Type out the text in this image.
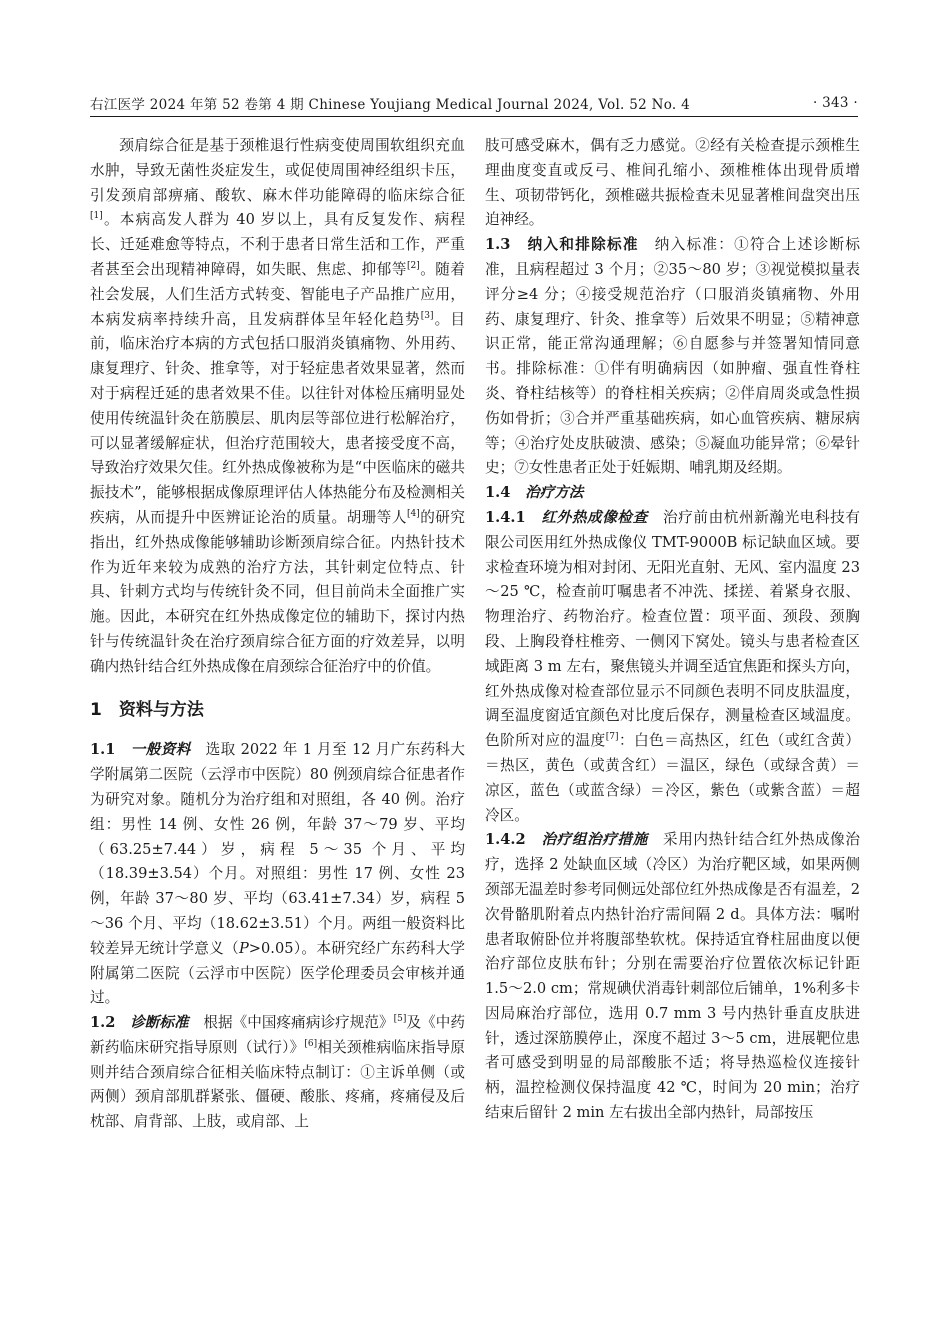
右江医学 2024 年第 52 卷第 4 期 Chinese Youjiang Medical Journal 2024, Vol. 52 No. 4	· 343 ·

颈肩综合征是基于颈椎退行性病变使周围软组织充血水肿，导致无菌性炎症发生，或促使周围神经组织卡压，引发颈肩部痹痛、酸软、麻木伴功能障碍的临床综合征[1]。本病高发人群为 40 岁以上，具有反复发作、病程长、迁延难愈等特点，不利于患者日常生活和工作，严重者甚至会出现精神障碍，如失眠、焦虑、抑郁等[2]。随着社会发展，人们生活方式转变、智能电子产品推广应用，本病发病率持续升高，且发病群体呈年轻化趋势[3]。目前，临床治疗本病的方式包括口服消炎镇痛物、外用药、康复理疗、针灸、推拿等，对于轻症患者效果显著，然而对于病程迁延的患者效果不佳。以往针对体检压痛明显处使用传统温针灸在筋膜层、肌肉层等部位进行松解治疗，可以显著缓解症状，但治疗范围较大，患者接受度不高，导致治疗效果欠佳。红外热成像被称为是“中医临床的磁共振技术”，能够根据成像原理评估人体热能分布及检测相关疾病，从而提升中医辨证论治的质量。胡珊等人[4]的研究指出，红外热成像能够辅助诊断颈肩综合征。内热针技术作为近年来较为成熟的治疗方法，其针刺定位特点、针具、针刺方式均与传统针灸不同，但目前尚未全面推广实施。因此，本研究在红外热成像定位的辅助下，探讨内热针与传统温针灸在治疗颈肩综合征方面的疗效差异，以明确内热针结合红外热成像在肩颈综合征治疗中的价值。

1　资料与方法

1.1　 一般资料　 选取 2022 年 1 月至 12 月广东药科大学附属第二医院（云浮市中医院）80 例颈肩综合征患者作为研究对象。随机分为治疗组和对照组，各 40 例。治疗组：男性 14 例、女性 26 例，年龄 37～79 岁、平均（63.25±7.44）岁，病程 5～35 个月、平均（18.39±3.54）个月。对照组：男性 17 例、女性 23 例，年龄 37～80 岁、平均（63.41±7.34）岁，病程 5～36 个月、平均（18.62±3.51）个月。两组一般资料比较差异无统计学意义（P>0.05）。本研究经广东药科大学附属第二医院（云浮市中医院）医学伦理委员会审核并通过。

1.2　 诊断标准　 根据《中国疼痛病诊疗规范》[5]及《中药新药临床研究指导原则（试行）》[6]相关颈椎病临床指导原则并结合颈肩综合征相关临床特点制订：①主诉单侧（或两侧）颈肩部肌群紧张、僵硬、酸胀、疼痛，疼痛侵及后枕部、肩背部、上肢，或肩部、上

肢可感受麻木，偶有乏力感觉。②经有关检查提示颈椎生理曲度变直或反弓、椎间孔缩小、颈椎椎体出现骨质增生、项韧带钙化，颈椎磁共振检查未见显著椎间盘突出压迫神经。

1.3　 纳入和排除标准　 纳入标准：①符合上述诊断标准，且病程超过 3 个月；②35～80 岁；③视觉模拟量表评分≥4 分；④接受规范治疗（口服消炎镇痛物、外用药、康复理疗、针灸、推拿等）后效果不明显；⑤精神意识正常，能正常沟通理解；⑥自愿参与并签署知情同意书。排除标准：①伴有明确病因（如肿瘤、强直性脊柱炎、脊柱结核等）的脊柱相关疾病；②伴肩周炎或急性损伤如骨折；③合并严重基础疾病，如心血管疾病、糖尿病等；④治疗处皮肤破溃、感染；⑤凝血功能异常；⑥晕针史；⑦女性患者正处于妊娠期、哺乳期及经期。

1.4　 治疗方法

1.4.1　 红外热成像检查　 治疗前由杭州新瀚光电科技有限公司医用红外热成像仪 TMT-9000B 标记缺血区域。要求检查环境为相对封闭、无阳光直射、无风、室内温度 23～25 ℃，检查前叮嘱患者不冲洗、揉搓、着紧身衣服、物理治疗、药物治疗。检查位置：项平面、颈段、颈胸段、上胸段脊柱椎旁、一侧冈下窝处。镜头与患者检查区域距离 3 m 左右，聚焦镜头并调至适宜焦距和探头方向，红外热成像对检查部位显示不同颜色表明不同皮肤温度，调至温度窗适宜颜色对比度后保存，测量检查区域温度。色阶所对应的温度[7]：白色＝高热区，红色（或红含黄）＝热区，黄色（或黄含红）＝温区，绿色（或绿含黄）＝凉区，蓝色（或蓝含绿）＝冷区，紫色（或紫含蓝）＝超冷区。

1.4.2　 治疗组治疗措施　 采用内热针结合红外热成像治疗，选择 2 处缺血区域（冷区）为治疗靶区域，如果两侧颈部无温差时参考同侧远处部位红外热成像是否有温差，2 次骨骼肌附着点内热针治疗需间隔 2 d。具体方法：嘱咐患者取俯卧位并将腹部垫软枕。保持适宜脊柱屈曲度以便治疗部位皮肤布针；分别在需要治疗位置依次标记针距 1.5～2.0 cm；常规碘伏消毒针刺部位后铺单，1%利多卡因局麻治疗部位，选用 0.7 mm 3 号内热针垂直皮肤进针，透过深筋膜停止，深度不超过 3～5 cm，进展靶位患者可感受到明显的局部酸胀不适；将导热巡检仪连接针柄，温控检测仪保持温度 42 ℃，时间为 20 min；治疗结束后留针 2 min 左右拔出全部内热针，局部按压
